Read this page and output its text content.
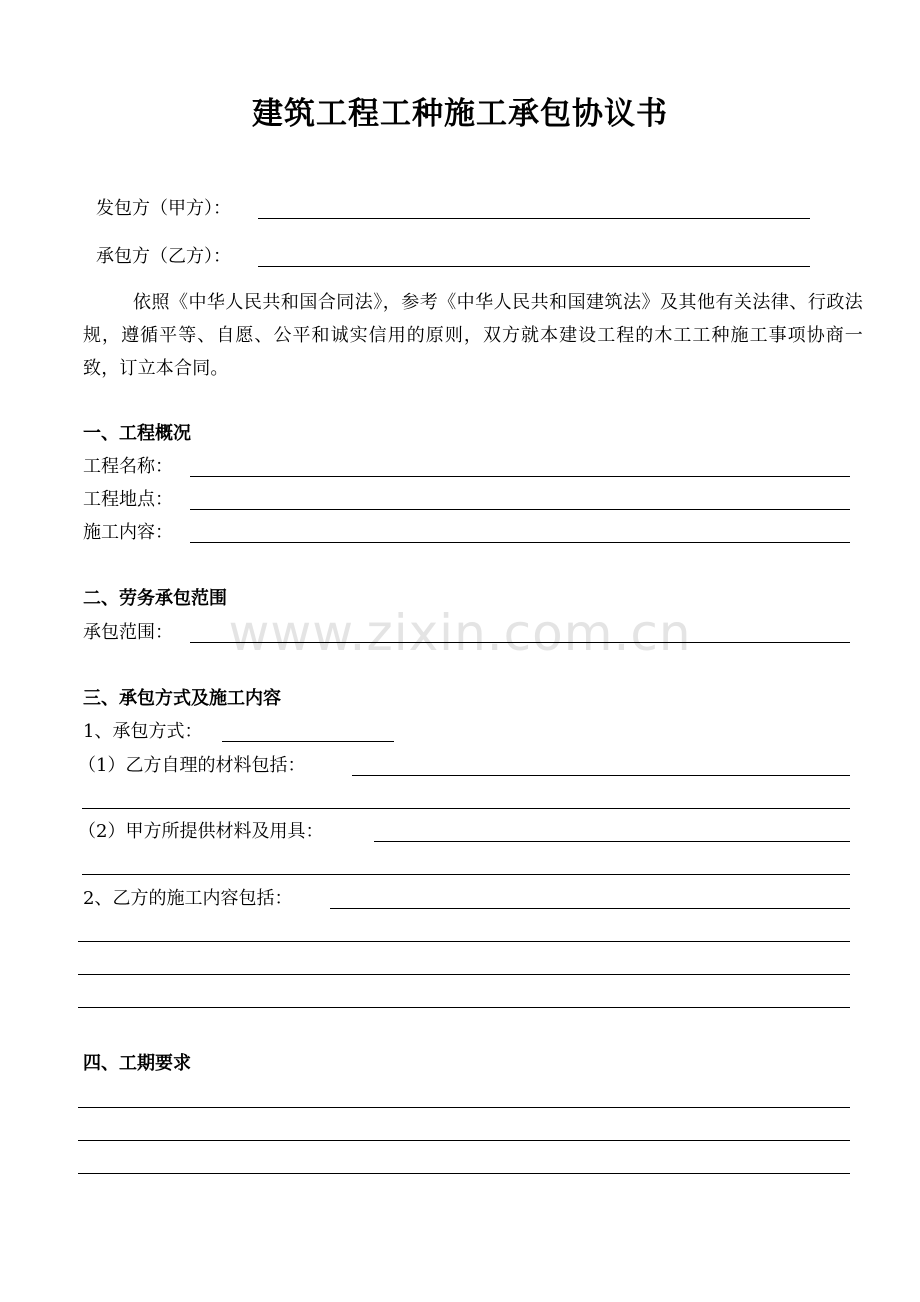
建筑工程工种施工承包协议书
发包方（甲方）：
承包方（乙方）：
依照《中华人民共和国合同法》，参考《中华人民共和国建筑法》及其他有关法律、行政法规，遵循平等、自愿、公平和诚实信用的原则，双方就本建设工程的木工工种施工事项协商一致，订立本合同。
一、工程概况
工程名称：
工程地点：
施工内容：
www.zixin.com.cn
二、劳务承包范围
承包范围：
三、承包方式及施工内容
1、承包方式：
（1）乙方自理的材料包括：
（2）甲方所提供材料及用具：
2、乙方的施工内容包括：
四、工期要求
